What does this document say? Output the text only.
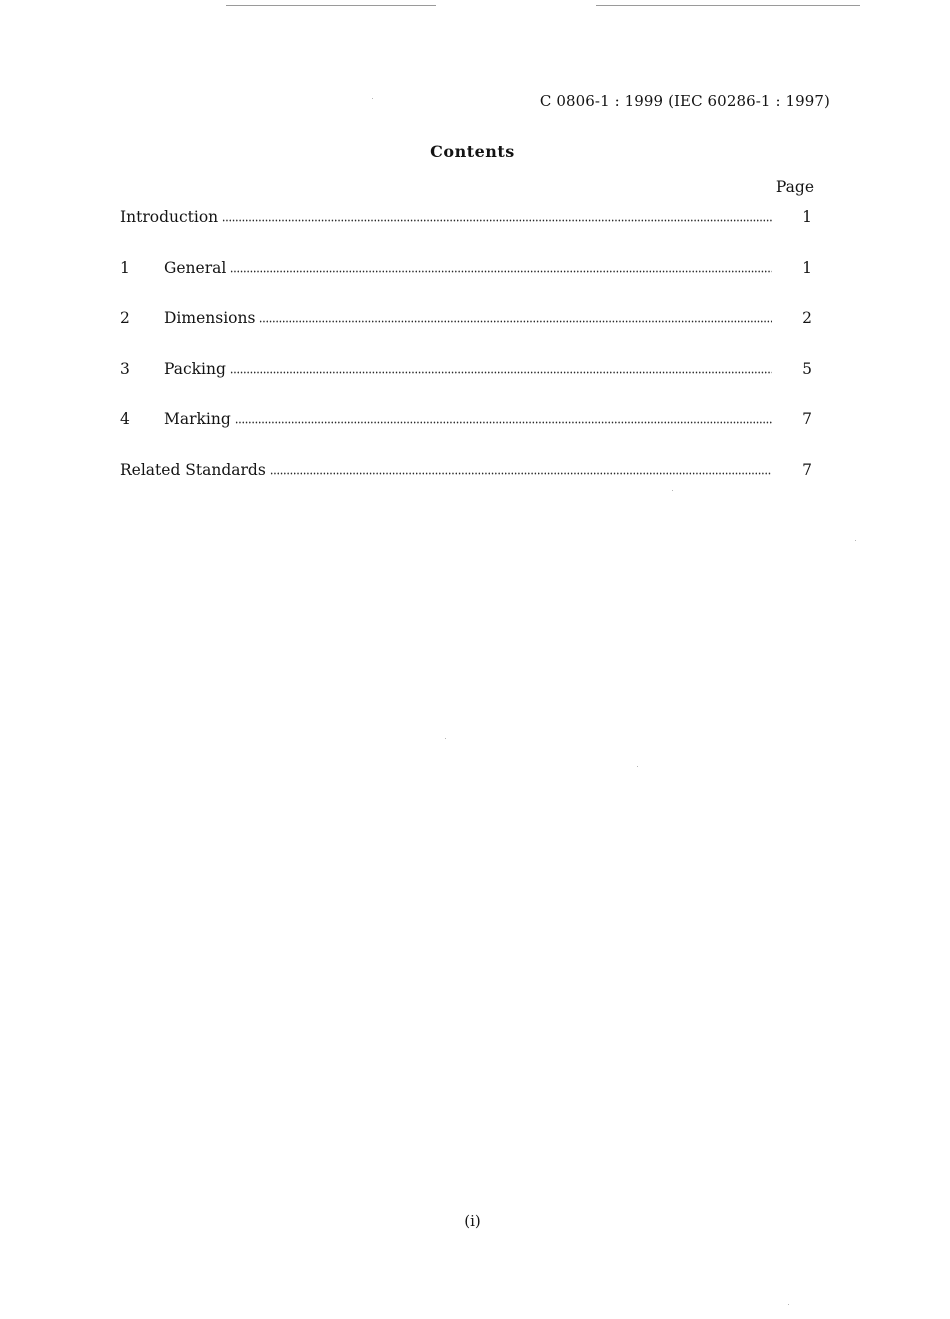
C 0806-1 : 1999 (IEC 60286-1 : 1997)
Contents
Page
Introduction	1
1	General	1
2	Dimensions	2
3	Packing	5
4	Marking	7
Related Standards	7
(i)
